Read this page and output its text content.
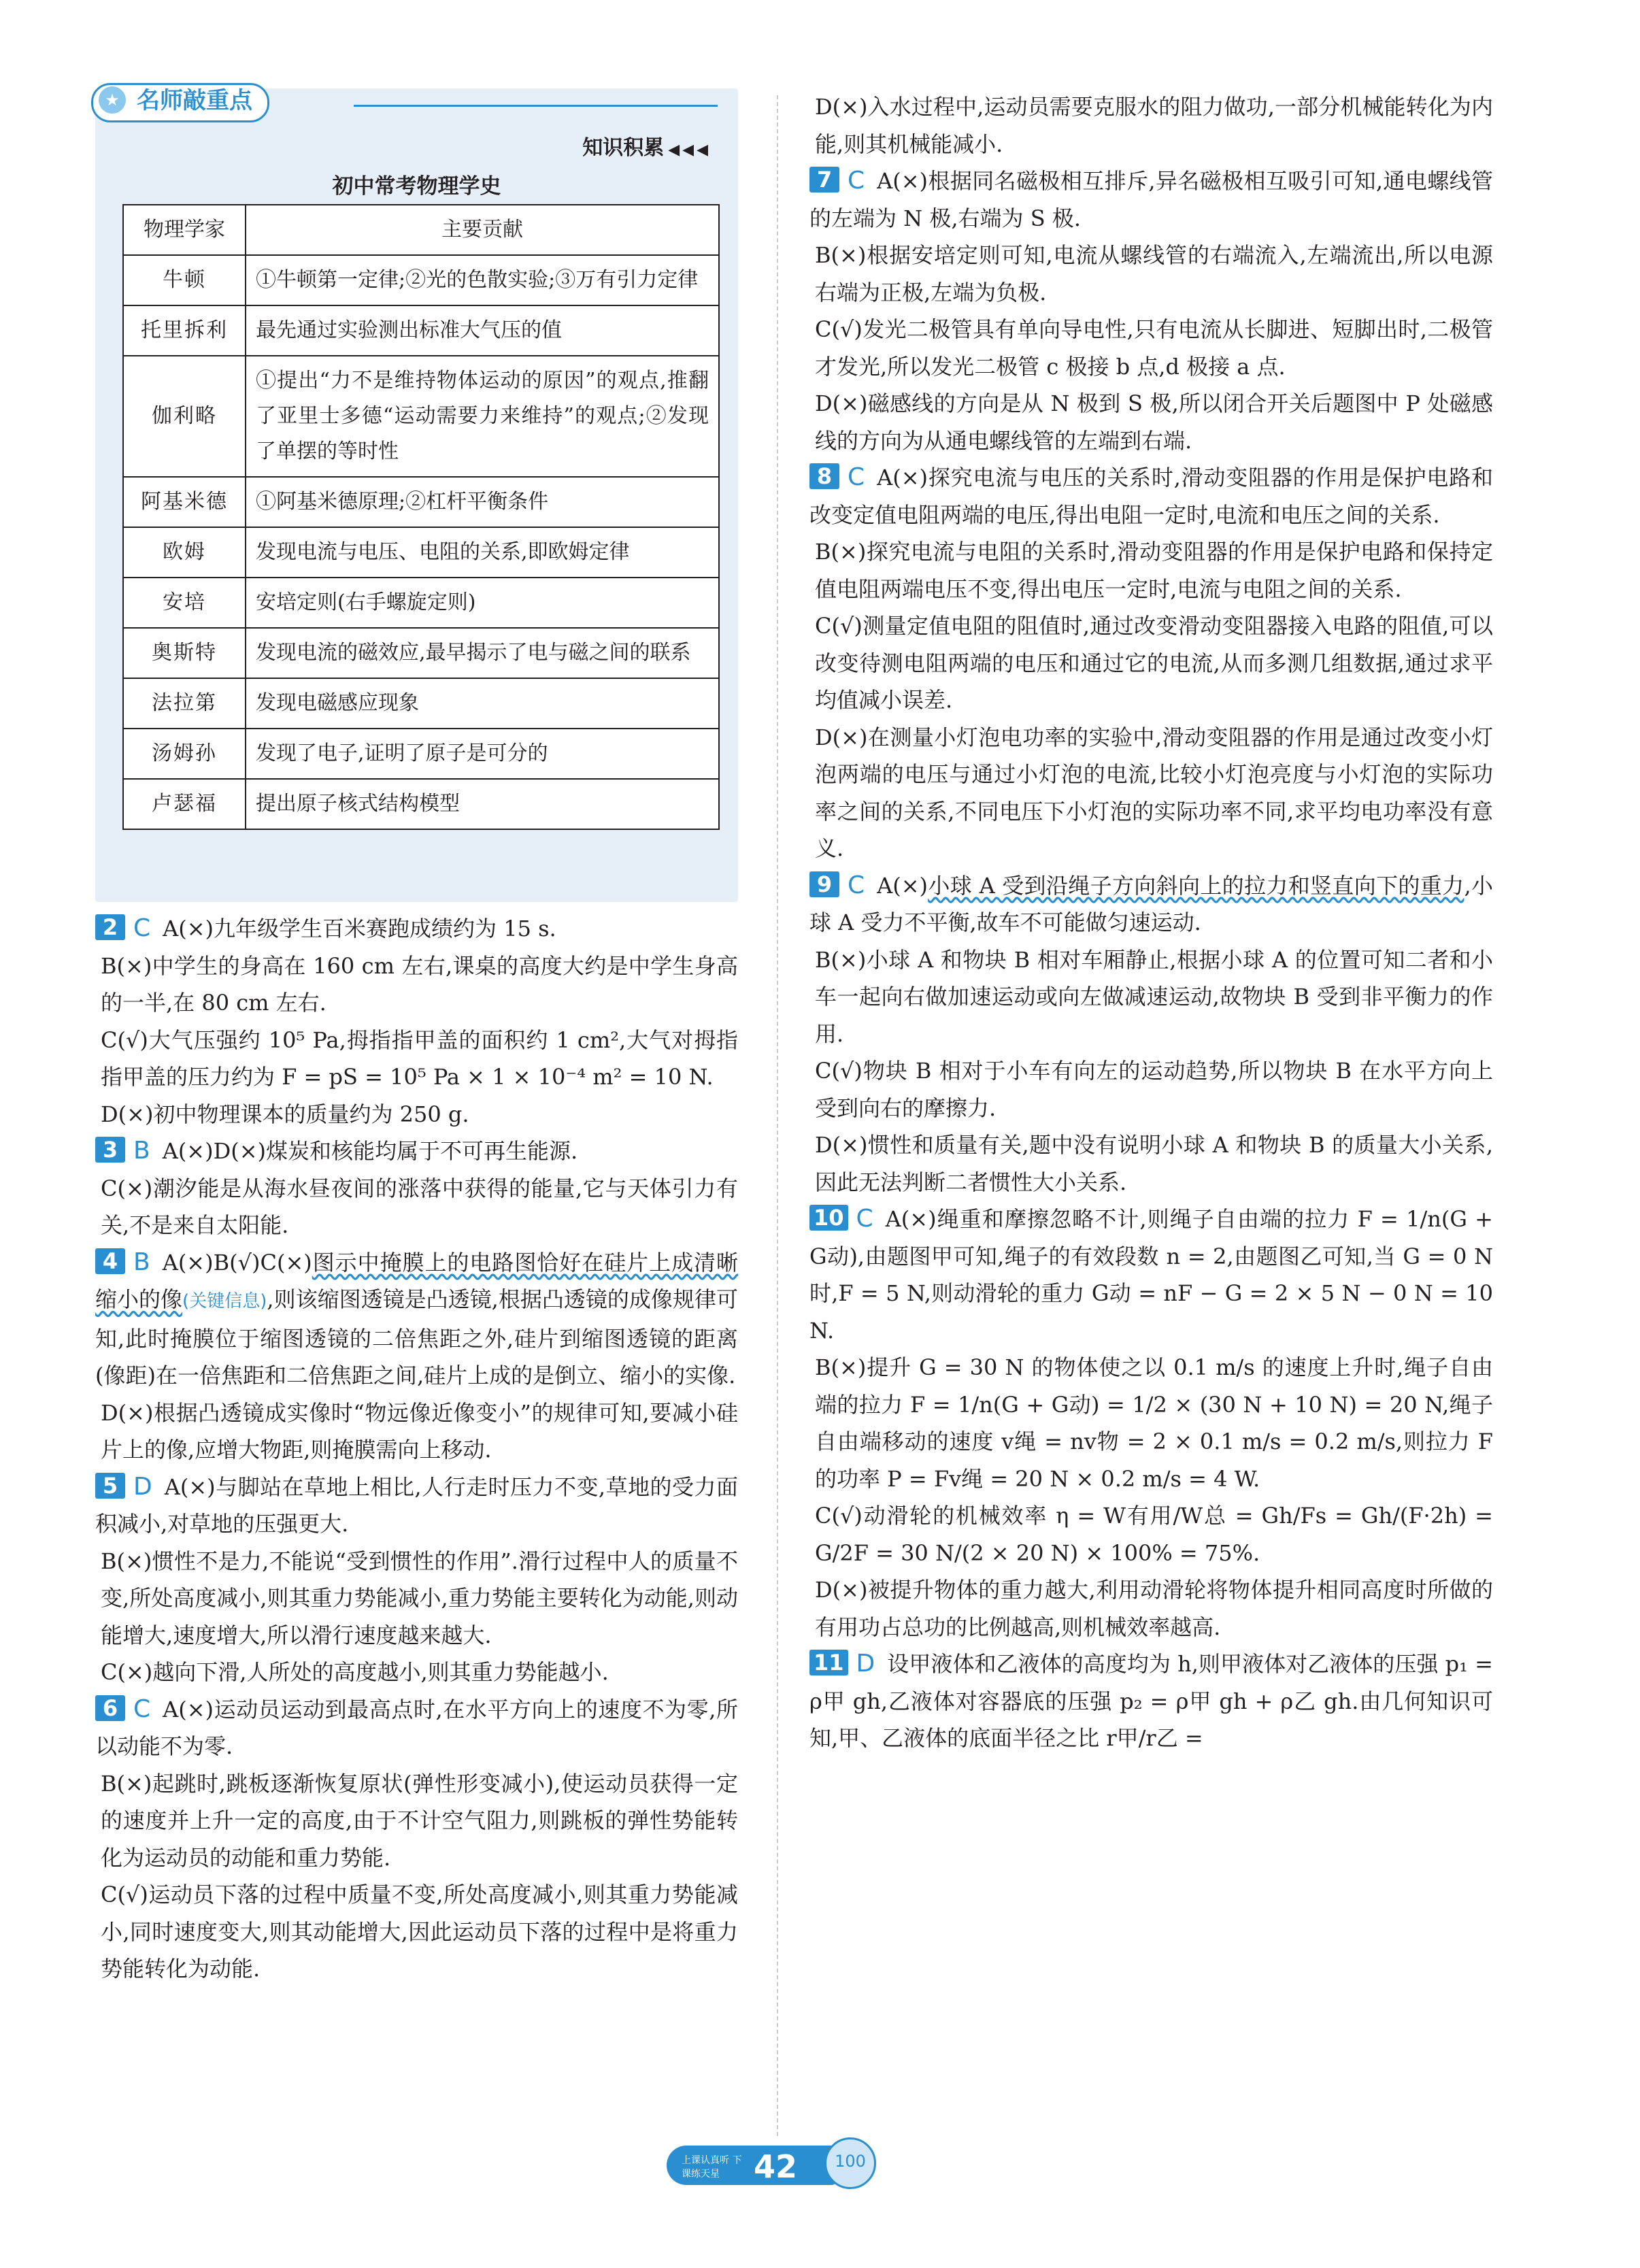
★ 名师敲重点
知识积累 ◀◀◀
初中常考物理学史
物理学家	主要贡献
牛顿	①牛顿第一定律;②光的色散实验;③万有引力定律
托里拆利	最先通过实验测出标准大气压的值
伽利略	①提出“力不是维持物体运动的原因”的观点,推翻了亚里士多德“运动需要力来维持”的观点;②发现了单摆的等时性
阿基米德	①阿基米德原理;②杠杆平衡条件
欧姆	发现电流与电压、电阻的关系,即欧姆定律
安培	安培定则(右手螺旋定则)
奥斯特	发现电流的磁效应,最早揭示了电与磁之间的联系
法拉第	发现电磁感应现象
汤姆孙	发现了电子,证明了原子是可分的
卢瑟福	提出原子核式结构模型

2 C A(×)九年级学生百米赛跑成绩约为 15 s.

B(×)中学生的身高在 160 cm 左右,课桌的高度大约是中学生身高的一半,在 80 cm 左右.

C(√)大气压强约 10⁵ Pa,拇指指甲盖的面积约 1 cm²,大气对拇指指甲盖的压力约为 F = pS = 10⁵ Pa × 1 × 10⁻⁴ m² = 10 N.

D(×)初中物理课本的质量约为 250 g.

3 B A(×)D(×)煤炭和核能均属于不可再生能源.

C(×)潮汐能是从海水昼夜间的涨落中获得的能量,它与天体引力有关,不是来自太阳能.

4 B A(×)B(√)C(×)图示中掩膜上的电路图恰好在硅片上成清晰缩小的像(关键信息),则该缩图透镜是凸透镜,根据凸透镜的成像规律可知,此时掩膜位于缩图透镜的二倍焦距之外,硅片到缩图透镜的距离(像距)在一倍焦距和二倍焦距之间,硅片上成的是倒立、缩小的实像.

D(×)根据凸透镜成实像时“物远像近像变小”的规律可知,要减小硅片上的像,应增大物距,则掩膜需向上移动.

5 D A(×)与脚站在草地上相比,人行走时压力不变,草地的受力面积减小,对草地的压强更大.

B(×)惯性不是力,不能说“受到惯性的作用”.滑行过程中人的质量不变,所处高度减小,则其重力势能减小,重力势能主要转化为动能,则动能增大,速度增大,所以滑行速度越来越大.

C(×)越向下滑,人所处的高度越小,则其重力势能越小.

6 C A(×)运动员运动到最高点时,在水平方向上的速度不为零,所以动能不为零.

B(×)起跳时,跳板逐渐恢复原状(弹性形变减小),使运动员获得一定的速度并上升一定的高度,由于不计空气阻力,则跳板的弹性势能转化为运动员的动能和重力势能.

C(√)运动员下落的过程中质量不变,所处高度减小,则其重力势能减小,同时速度变大,则其动能增大,因此运动员下落的过程中是将重力势能转化为动能.

D(×)入水过程中,运动员需要克服水的阻力做功,一部分机械能转化为内能,则其机械能减小.

7 C A(×)根据同名磁极相互排斥,异名磁极相互吸引可知,通电螺线管的左端为 N 极,右端为 S 极.

B(×)根据安培定则可知,电流从螺线管的右端流入,左端流出,所以电源右端为正极,左端为负极.

C(√)发光二极管具有单向导电性,只有电流从长脚进、短脚出时,二极管才发光,所以发光二极管 c 极接 b 点,d 极接 a 点.

D(×)磁感线的方向是从 N 极到 S 极,所以闭合开关后题图中 P 处磁感线的方向为从通电螺线管的左端到右端.

8 C A(×)探究电流与电压的关系时,滑动变阻器的作用是保护电路和改变定值电阻两端的电压,得出电阻一定时,电流和电压之间的关系.

B(×)探究电流与电阻的关系时,滑动变阻器的作用是保护电路和保持定值电阻两端电压不变,得出电压一定时,电流与电阻之间的关系.

C(√)测量定值电阻的阻值时,通过改变滑动变阻器接入电路的阻值,可以改变待测电阻两端的电压和通过它的电流,从而多测几组数据,通过求平均值减小误差.

D(×)在测量小灯泡电功率的实验中,滑动变阻器的作用是通过改变小灯泡两端的电压与通过小灯泡的电流,比较小灯泡亮度与小灯泡的实际功率之间的关系,不同电压下小灯泡的实际功率不同,求平均电功率没有意义.

9 C A(×)小球 A 受到沿绳子方向斜向上的拉力和竖直向下的重力,小球 A 受力不平衡,故车不可能做匀速运动.

B(×)小球 A 和物块 B 相对车厢静止,根据小球 A 的位置可知二者和小车一起向右做加速运动或向左做减速运动,故物块 B 受到非平衡力的作用.

C(√)物块 B 相对于小车有向左的运动趋势,所以物块 B 在水平方向上受到向右的摩擦力.

D(×)惯性和质量有关,题中没有说明小球 A 和物块 B 的质量大小关系,因此无法判断二者惯性大小关系.

10 C A(×)绳重和摩擦忽略不计,则绳子自由端的拉力 F = 1/n(G + G动),由题图甲可知,绳子的有效段数 n = 2,由题图乙可知,当 G = 0 N 时,F = 5 N,则动滑轮的重力 G动 = nF − G = 2 × 5 N − 0 N = 10 N.

B(×)提升 G = 30 N 的物体使之以 0.1 m/s 的速度上升时,绳子自由端的拉力 F = 1/n(G + G动) = 1/2 × (30 N + 10 N) = 20 N,绳子自由端移动的速度 v绳 = nv物 = 2 × 0.1 m/s = 0.2 m/s,则拉力 F 的功率 P = Fv绳 = 20 N × 0.2 m/s = 4 W.

C(√)动滑轮的机械效率 η = W有用/W总 = Gh/Fs = Gh/(F·2h) = G/2F = 30 N/(2 × 20 N) × 100% = 75%.

D(×)被提升物体的重力越大,利用动滑轮将物体提升相同高度时所做的有用功占总功的比例越高,则机械效率越高.

11 D 设甲液体和乙液体的高度均为 h,则甲液体对乙液体的压强 p₁ = ρ甲 gh,乙液体对容器底的压强 p₂ = ρ甲 gh + ρ乙 gh.由几何知识可知,甲、乙液体的底面半径之比 r甲/r乙 =

上课认真听 下课练天星	42	100
